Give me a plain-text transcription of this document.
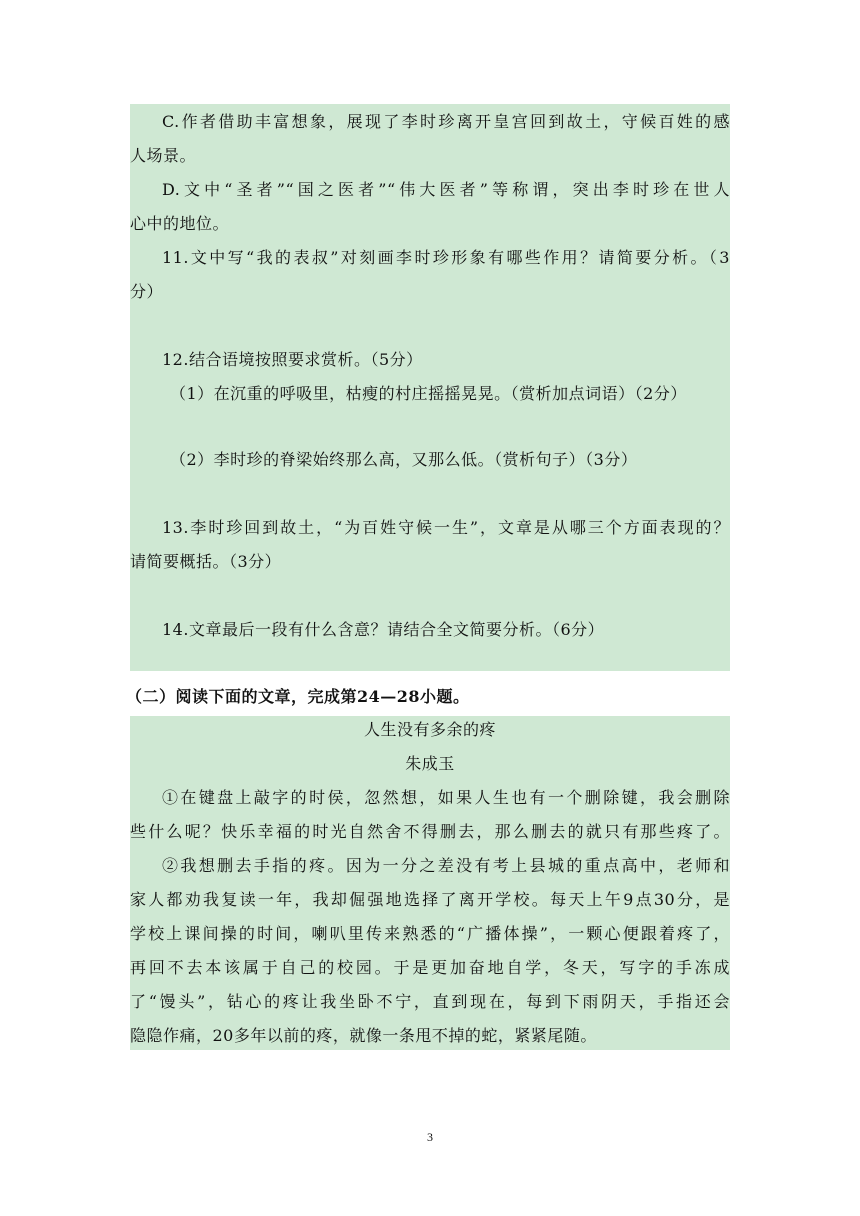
C.作者借助丰富想象，展现了李时珍离开皇宫回到故土，守候百姓的感
人场景。
D.文中“圣者”“国之医者”“伟大医者”等称谓，突出李时珍在世人
心中的地位。
11.文中写“我的表叔”对刻画李时珍形象有哪些作用？请简要分析。（3
分）
12.结合语境按照要求赏析。（5分）
（1）在沉重的呼吸里，枯瘦的村庄摇摇晃晃。（赏析加点词语）（2分）
（2）李时珍的脊梁始终那么高，又那么低。（赏析句子）（3分）
13.李时珍回到故土，“为百姓守候一生”，文章是从哪三个方面表现的？
请简要概括。（3分）
14.文章最后一段有什么含意？请结合全文简要分析。（6分）
（二）阅读下面的文章，完成第24—28小题。
人生没有多余的疼
朱成玉
①在键盘上敲字的时侯，忽然想，如果人生也有一个删除键，我会删除
些什么呢？快乐幸福的时光自然舍不得删去，那么删去的就只有那些疼了。
②我想删去手指的疼。因为一分之差没有考上县城的重点高中，老师和
家人都劝我复读一年，我却倔强地选择了离开学校。每天上午9点30分，是
学校上课间操的时间，喇叭里传来熟悉的“广播体操”，一颗心便跟着疼了，
再回不去本该属于自己的校园。于是更加奋地自学，冬天，写字的手冻成
了“馒头”，钻心的疼让我坐卧不宁，直到现在，每到下雨阴天，手指还会
隐隐作痛，20多年以前的疼，就像一条甩不掉的蛇，紧紧尾随。
3
